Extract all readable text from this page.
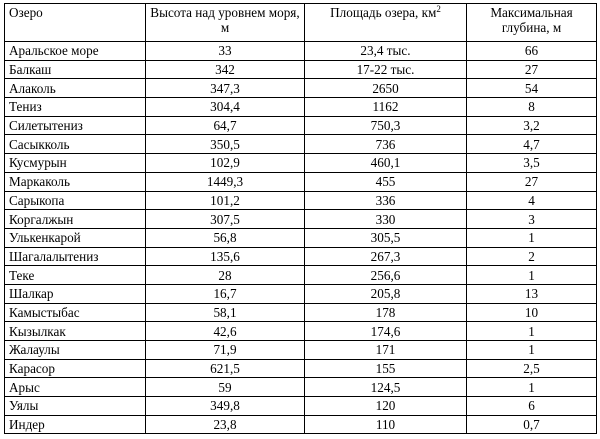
Озеро	Высота над уровнем моря, м	Площадь озера, $км^2$	Максимальная глубина, м
Аральское море	33	23,4 тыс.	66
Балкаш	342	17-22 тыс.	27
Алаколь	347,3	2650	54
Тениз	304,4	1162	8
Силетытениз	64,7	750,3	3,2
Сасыкколь	350,5	736	4,7
Кусмурын	102,9	460,1	3,5
Маркаколь	1449,3	455	27
Сарыкопа	101,2	336	4
Коргалжын	307,5	330	3
Улькенкарой	56,8	305,5	1
Шагалалытениз	135,6	267,3	2
Теке	28	256,6	1
Шалкар	16,7	205,8	13
Камыстыбас	58,1	178	10
Кызылкак	42,6	174,6	1
Жалаулы	71,9	171	1
Карасор	621,5	155	2,5
Арыс	59	124,5	1
Уялы	349,8	120	6
Индер	23,8	110	0,7
